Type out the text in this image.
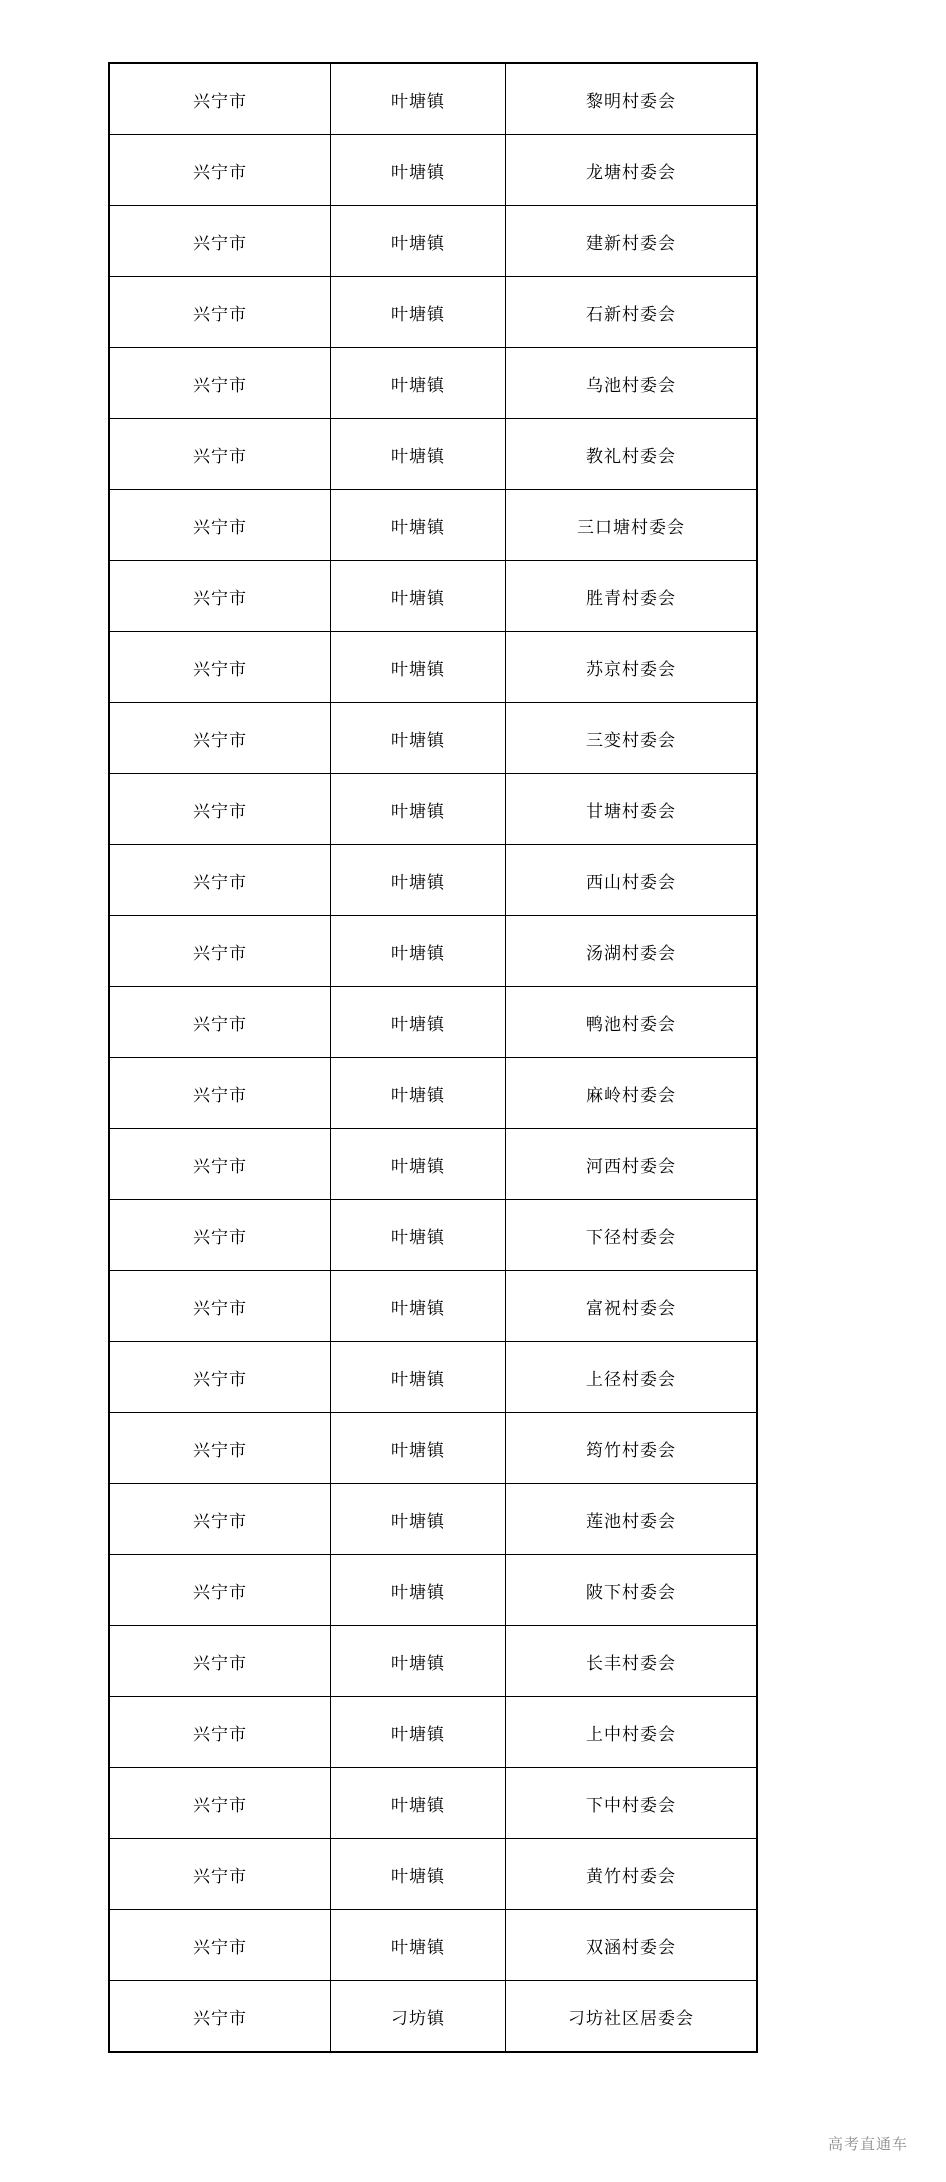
兴宁市	叶塘镇	黎明村委会
兴宁市	叶塘镇	龙塘村委会
兴宁市	叶塘镇	建新村委会
兴宁市	叶塘镇	石新村委会
兴宁市	叶塘镇	乌池村委会
兴宁市	叶塘镇	教礼村委会
兴宁市	叶塘镇	三口塘村委会
兴宁市	叶塘镇	胜青村委会
兴宁市	叶塘镇	苏京村委会
兴宁市	叶塘镇	三变村委会
兴宁市	叶塘镇	甘塘村委会
兴宁市	叶塘镇	西山村委会
兴宁市	叶塘镇	汤湖村委会
兴宁市	叶塘镇	鸭池村委会
兴宁市	叶塘镇	麻岭村委会
兴宁市	叶塘镇	河西村委会
兴宁市	叶塘镇	下径村委会
兴宁市	叶塘镇	富祝村委会
兴宁市	叶塘镇	上径村委会
兴宁市	叶塘镇	筠竹村委会
兴宁市	叶塘镇	莲池村委会
兴宁市	叶塘镇	陂下村委会
兴宁市	叶塘镇	长丰村委会
兴宁市	叶塘镇	上中村委会
兴宁市	叶塘镇	下中村委会
兴宁市	叶塘镇	黄竹村委会
兴宁市	叶塘镇	双涵村委会
兴宁市	刁坊镇	刁坊社区居委会
高考直通车
